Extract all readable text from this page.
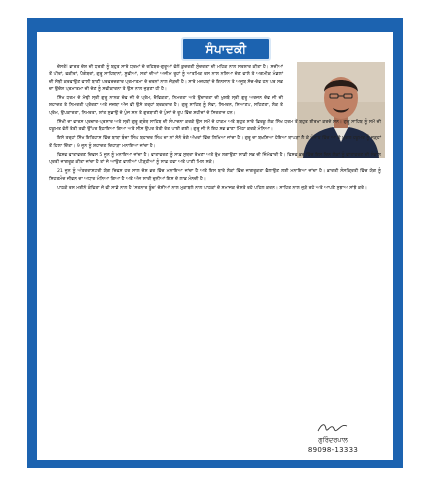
ਸੰਪਾਦਕੀ

ਦੋਸਤੋ! ਭਾਰਤ ਦੇਸ਼ ਦੀ ਧਰਤੀ ਨੂੰ ਬਹੁਤ ਸਾਰੇ ਧਰਮਾਂ ਦੇ ਰਹਿਬਰ-ਗੁਰੂਆਂ ਵੱਲੋਂ ਕੁਦਰਤੀ ਸੁੰਦਰਤਾ ਦੀ ਮਹਿਕ ਨਾਲ ਸਰਸ਼ਾਰ ਕੀਤਾ ਹੈ। ਸਦੀਆਂ ਤੋਂ ਪੀਰਾਂ, ਫਕੀਰਾਂ, ਪੈਗੰਬਰਾਂ, ਗੁਰੂ ਸਾਹਿਬਾਨਾਂ, ਸੂਫੀਆਂ, ਸਤਾਂ ਦੀਆਂ ਅਜੀਮ ਰੂਹਾਂ ਨੂੰ ਆਤਮਿਕ ਰਸ ਨਾਲ ਨਸ਼ਿਆ ਦੇਣ ਵਾਲੇ ਤੇ ਅਗਮੀਕ ਮੰਡਲਾਂ ਦੀ ਸੋਝੀ ਕਰਵਾਉਣ ਵਾਲੀ ਬਾਣੀ ਪਰਵਰਦਗਾਰ ਪ੍ਰਮਾਤਮਾ ਦੇ ਚਰਨਾਂ ਨਾਲ ਜੋੜਦੀ ਹੈ। ਸਾਰੇ ਮਜ਼ਹਬਾਂ ਦੇ ਇਨਸਾਨ ਤੇ ਅਜੂਬ ਸੱਚ-ਦੇਵ ਹਨ ਪਰ ਸਭ ਦਾ ਉਦੇਸ਼ ਪ੍ਰਮਾਤਮਾ ਦੀ ਦੇਣ ਨੂੰ ਸਵੀਕਾਰਨਾ ਤੇ ਉਸ ਨਾਲ ਜੁੜਣਾ ਹੀ ਹੈ।

ਸਿੱਖ ਧਰਮ ਦੇ ਮੋਢੀ ਸ੍ਰੀ ਗੁਰੂ ਨਾਨਕ ਦੇਵ ਜੀ ਦੇ ਪ੍ਰੇਮ, ਦੈਵਿਕਤਾ, ਨਿਮਰਤਾ ਅਤੇ ਉਦਾਰਤਾ ਦੀ ਖੁਸ਼ਬੋ ਸ੍ਰੀ ਗੁਰੂ ਅਰਜਨ ਦੇਵ ਜੀ ਦੀ ਸ਼ਹਾਦਤ ਤੇ ਨਿਮਰਤੀ ਪ੍ਰੇਰਣਾ ਅਤੇ ਜਜ਼ਬਾ ਅੱਜ ਵੀ ਉਸੇ ਤਰ੍ਹਾਂ ਬਰਕਰਾਰ ਹੈ। ਗੁਰੂ ਸਾਹਿਬ ਨੂੰ ਸੇਵਾ, ਸਿਮਰਨ, ਸਿਆਣਪ, ਸਹਿਣਤਾ, ਲੋਕ ਤੇ ਪ੍ਰੇਮ, ਉਪਕਾਰਤਾ, ਨਿਮਰਤਾ, ਸ਼ਾਂਤ ਸੁਭਾਉ ਦੇ ਪੁੰਜ ਸਨ ਤੇ ਗੁਰਬਾਣੀ ਦੇ ਪੁੰਜਾਂ ਦੇ ਰੂਪ ਵਿੱਚ ਸ਼ਹੀਦਾਂ ਦੇ ਸਿਰਤਾਜ ਹਨ।

ਸਿੱਖੀ ਦਾ ਵਾਰਸ ਪ੍ਰਚਾਰ-ਪ੍ਰਸਾਰ ਅਤੇ ਸ੍ਰੀ ਗੁਰੂ ਗ੍ਰੰਥ ਸਾਹਿਬ ਦੀ ਸੰਪਾਦਨਾ ਕਰਕੇ ਉਸ ਸਮੇਂ ਦੇ ਹਾਕਮ ਅਤੇ ਬਹੁਤ ਸਾਰੇ ਫ਼ਿਰਕੂ ਲੋਕ ਸਿੱਖ ਧਰਮ ਤੋਂ ਬਹੁਤ ਈਰਖਾ ਕਰਦੇ ਸਨ। ਗੁਰੂ ਸਾਹਿਬ ਨੂੰ ਸਮੇਂ ਦੀ ਹਕੂਮਤ ਵੱਲੋਂ ਤੱਤੀ ਤਵੀ ਉੱਪਰ ਬੈਠਾਇਆ ਗਿਆ ਅਤੇ ਸੀਸ ਉਪਰ ਤੱਤੀ ਰੇਤ ਪਾਈ ਗਈ। ਗੁਰੂ ਜੀ ਨੇ ਇਹ ਸਭ ਭਾਣਾ ਮਿੱਠਾ ਕਰਕੇ ਮੰਨਿਆ।

ਇਸੇ ਤਰ੍ਹਾਂ ਸਿੱਖ ਇਤਿਹਾਸ ਵਿੱਚ ਬਾਬਾ ਬੰਦਾ ਸਿੰਘ ਬਹਾਦਰ ਸਿੰਘ ਦਾ ਨਾਂ ਸੋਨੇ ਰੰਗੇ ਅੱਖਰਾਂ ਵਿੱਚ ਲਿਖਿਆ ਜਾਂਦਾ ਹੈ। ਗੁਰੂ ਦਾ ਬਖ਼ਸ਼ਿਆ ਹੋਇਆ ਥਾਪੜਾ ਲੈ ਕੇ ਪੰਜਾਬ ਵਿੱਚ ਆ ਕੇ ਮੁਗਲ ਹਕੂਮਤ ਨੂੰ ਜੜ੍ਹਾਂ ਤੋਂ ਹਿਲਾ ਦਿੱਤਾ। 9 ਜੂਨ ਨੂੰ ਸ਼ਹਾਦਤ ਦਿਹਾੜਾ ਮਨਾਇਆ ਜਾਂਦਾ ਹੈ।

ਵਿਸ਼ਵ ਵਾਤਾਵਰਣ ਦਿਵਸ 5 ਜੂਨ ਨੂੰ ਮਨਾਇਆ ਜਾਂਦਾ ਹੈ। ਵਾਤਾਵਰਣ ਨੂੰ ਸਾਫ਼ ਸੁਥਰਾ ਰੱਖਣਾ ਅਤੇ ਰੁੱਖ ਲਗਾਉਣਾ ਸਾਡੀ ਸਭ ਦੀ ਜ਼ਿੰਮੇਵਾਰੀ ਹੈ। ਵਿਸ਼ਵ ਭਰ ਵਿੱਚ ਇਸ ਦਿਨ ਲੋਕਾਂ ਨੂੰ ਵਾਤਾਵਰਣ ਦੀ ਸੰਭਾਲ ਪ੍ਰਤੀ ਜਾਗਰੂਕ ਕੀਤਾ ਜਾਂਦਾ ਹੈ ਤਾਂ ਜੋ ਆਉਣ ਵਾਲੀਆਂ ਪੀੜ੍ਹੀਆਂ ਨੂੰ ਸਾਫ਼ ਹਵਾ ਅਤੇ ਪਾਣੀ ਮਿਲ ਸਕੇ।

21 ਜੂਨ ਨੂੰ ਅੰਤਰਰਾਸ਼ਟਰੀ ਯੋਗ ਦਿਵਸ ਹਰ ਸਾਲ ਦੇਸ਼ ਭਰ ਵਿੱਚ ਮਨਾਇਆ ਜਾਂਦਾ ਹੈ ਅਤੇ ਇਸ ਬਾਰੇ ਲੋਕਾਂ ਵਿੱਚ ਜਾਗਰੂਕਤਾ ਫੈਲਾਉਣ ਲਈ ਮਨਾਇਆ ਜਾਂਦਾ ਹੈ। ਭਾਰਤੀ ਸੰਸਕ੍ਰਿਤੀ ਵਿੱਚ ਯੋਗ ਨੂੰ ਸਿਹਤਮੰਦ ਜੀਵਨ ਦਾ ਅਧਾਰ ਮੰਨਿਆ ਗਿਆ ਹੈ ਅਤੇ ਅੱਜ ਸਾਰੀ ਦੁਨੀਆਂ ਇਸ ਦੇ ਲਾਭ ਮੰਨਦੀ ਹੈ।

ਪਾਠਕੋ ਰਸ ਮਈਨੇ ਕੰਵਿਤਾ ਜੋ ਵੀ ਸਾਡੇ ਨਾਲ ਹੈ 'ਸਤਨਾਰ ਬੂੰਦ' ਦੇਸ਼ੀਆਂ ਨਾਲ ਮੁਕਾਬਲੇ ਨਾਲ ਪਾਠਕਾਂ ਦੇ ਸਮਾਜਕ ਦੋਸਤੋ ਰਹੇ ਪਹਿਲ ਕਰਨ। ਸਾਹਿਤ ਨਾਲ ਜੁੜੇ ਰਹੋ ਅਤੇ ਆਪਣੇ ਸੁਝਾਅ ਸਾਂਝੇ ਕਰੋ।

ਗੁਰਿੰਦਰਪਾਲ
89098-13333
